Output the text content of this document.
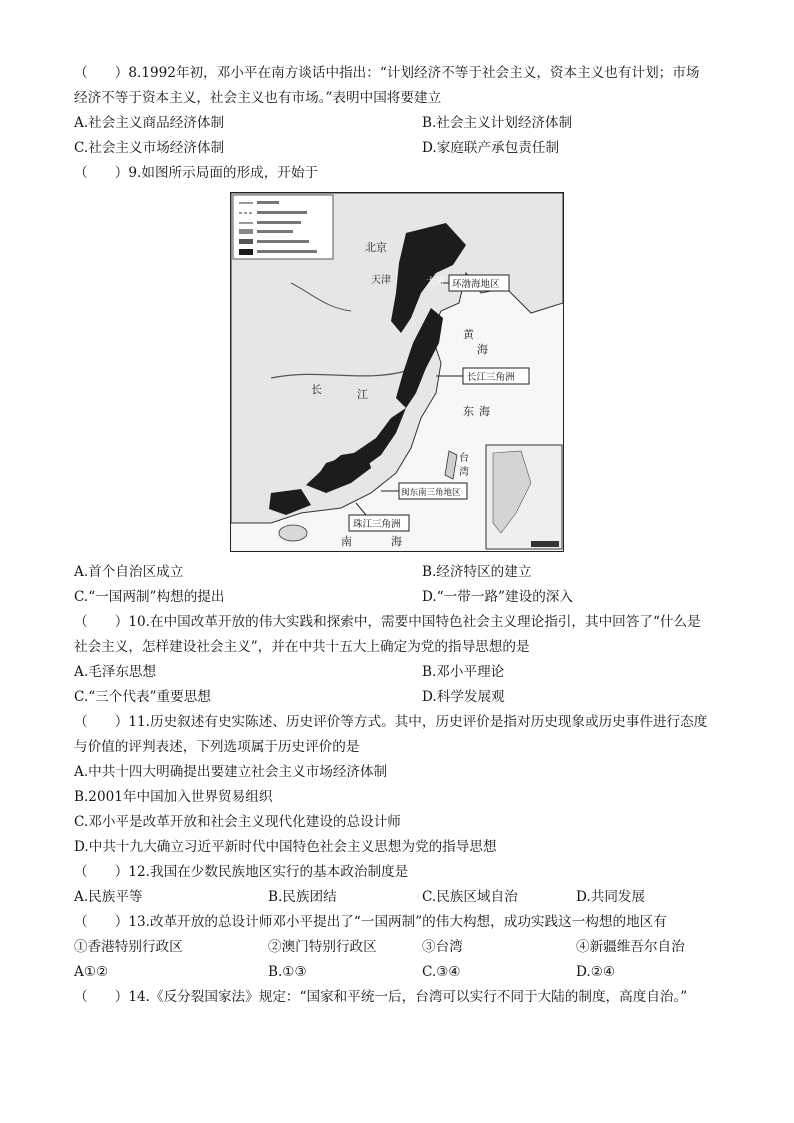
（　　）8.1992年初，邓小平在南方谈话中指出：“计划经济不等于社会主义，资本主义也有计划；市场
经济不等于资本主义，社会主义也有市场。”表明中国将要建立
A.社会主义商品经济体制	B.社会主义计划经济体制
C.社会主义市场经济体制	D.家庭联产承包责任制
（　　）9.如图所示局面的形成，开始于
北京
天津	大连 环渤海地区
长江三角洲
闽东南三角地区
珠江三角洲
长	江
黄
海
东 海
南	海
台
湾
A.首个自治区成立	B.经济特区的建立
C.“一国两制”构想的提出	D.“一带一路”建设的深入
（　　）10.在中国改革开放的伟大实践和探索中，需要中国特色社会主义理论指引，其中回答了“什么是
社会主义，怎样建设社会主义”，并在中共十五大上确定为党的指导思想的是
A.毛泽东思想	B.邓小平理论
C.“三个代表”重要思想	D.科学发展观
（　　）11.历史叙述有史实陈述、历史评价等方式。其中，历史评价是指对历史现象或历史事件进行态度
与价值的评判表述，下列选项属于历史评价的是
A.中共十四大明确提出要建立社会主义市场经济体制
B.2001年中国加入世界贸易组织
C.邓小平是改革开放和社会主义现代化建设的总设计师
D.中共十九大确立习近平新时代中国特色社会主义思想为党的指导思想
（　　）12.我国在少数民族地区实行的基本政治制度是
A.民族平等	B.民族团结	C.民族区域自治	D.共同发展
（　　）13.改革开放的总设计师邓小平提出了“一国两制”的伟大构想，成功实践这一构想的地区有
①香港特别行政区	②澳门特别行政区	③台湾	④新疆维吾尔自治
A①②	B.①③	C.③④	D.②④
（　　）14.《反分裂国家法》规定：“国家和平统一后，台湾可以实行不同于大陆的制度，高度自治。”
